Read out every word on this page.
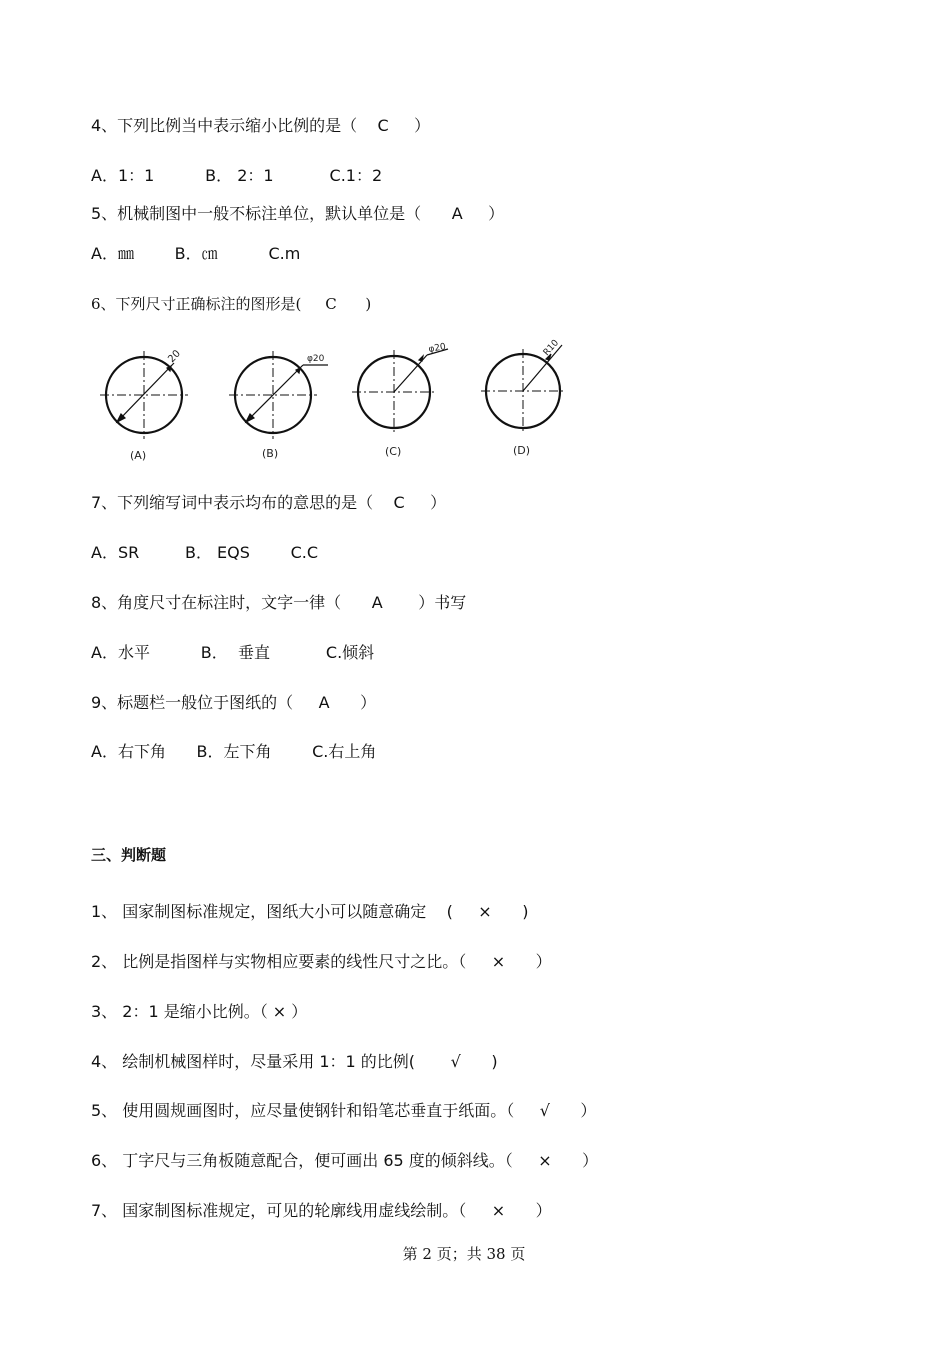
4、下列比例当中表示缩小比例的是（    C     ）
A．1：1          B． 2：1           C.1：2
5、机械制图中一般不标注单位，默认单位是（      A     ）
A．㎜        B．㎝          C.m
6、下列尺寸正确标注的图形是(     C      )
20	φ20
φ20	R10
(A)	(B)	(C)	(D)
7、下列缩写词中表示均布的意思的是（    C     ）
A．SR         B． EQS        C.C
8、角度尺寸在标注时，文字一律（      A       ）书写
A．水平          B．  垂直           C.倾斜
9、标题栏一般位于图纸的（     A      ）
A．右下角      B．左下角        C.右上角
三、判断题
1、 国家制图标准规定，图纸大小可以随意确定    (     ×      )
2、 比例是指图样与实物相应要素的线性尺寸之比。（     ×      ）
3、 2：1 是缩小比例。（ × ）
4、 绘制机械图样时，尽量采用 1：1 的比例(       √      )
5、 使用圆规画图时，应尽量使钢针和铅笔芯垂直于纸面。（     √      ）
6、 丁字尺与三角板随意配合，便可画出 65 度的倾斜线。（     ×      ）
7、 国家制图标准规定，可见的轮廓线用虚线绘制。（     ×      ）
第 2 页；共 38 页
